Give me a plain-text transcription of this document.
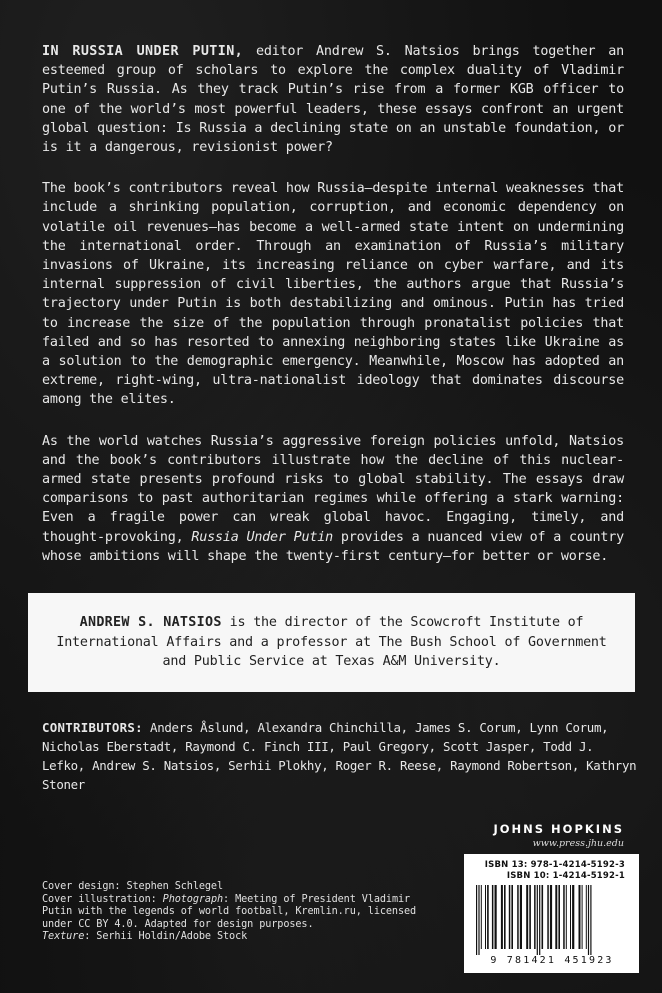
IN RUSSIA UNDER PUTIN, editor Andrew S. Natsios brings together an esteemed group of scholars to explore the complex duality of Vladimir Putin’s Russia. As they track Putin’s rise from a former KGB officer to one of the world’s most powerful leaders, these essays confront an urgent global question: Is Russia a declining state on an unstable foundation, or is it a dangerous, revisionist power?

The book’s contributors reveal how Russia—despite internal weaknesses that include a shrinking population, corruption, and economic dependency on volatile oil revenues—has become a well-armed state intent on undermining the international order. Through an examination of Russia’s military invasions of Ukraine, its increasing reliance on cyber warfare, and its internal suppression of civil liberties, the authors argue that Russia’s trajectory under Putin is both destabilizing and ominous. Putin has tried to increase the size of the population through pronatalist policies that failed and so has resorted to annexing neighboring states like Ukraine as a solution to the demographic emergency. Meanwhile, Moscow has adopted an extreme, right-wing, ultra-nationalist ideology that dominates discourse among the elites.

As the world watches Russia’s aggressive foreign policies unfold, Natsios and the book’s contributors illustrate how the decline of this nuclear-armed state presents profound risks to global stability. The essays draw comparisons to past authoritarian regimes while offering a stark warning: Even a fragile power can wreak global havoc. Engaging, timely, and thought-provoking, Russia Under Putin provides a nuanced view of a country whose ambitions will shape the twenty-first century—for better or worse.

ANDREW S. NATSIOS is the director of the Scowcroft Institute of International Affairs and a professor at The Bush School of Government and Public Service at Texas A&M University.

CONTRIBUTORS: Anders Åslund, Alexandra Chinchilla, James S. Corum, Lynn Corum, Nicholas Eberstadt, Raymond C. Finch III, Paul Gregory, Scott Jasper, Todd J. Lefko, Andrew S. Natsios, Serhii Plokhy, Roger R. Reese, Raymond Robertson, Kathryn Stoner
JOHNS HOPKINS
www.press.jhu.edu
ISBN 13: 978-1-4214-5192-3
ISBN 10: 1-4214-5192-1
9 781421 451923
Cover design: Stephen Schlegel
Cover illustration: Photograph: Meeting of President Vladimir Putin with the legends of world football, Kremlin.ru, licensed under CC BY 4.0. Adapted for design purposes.
Texture: Serhii Holdin/Adobe Stock
